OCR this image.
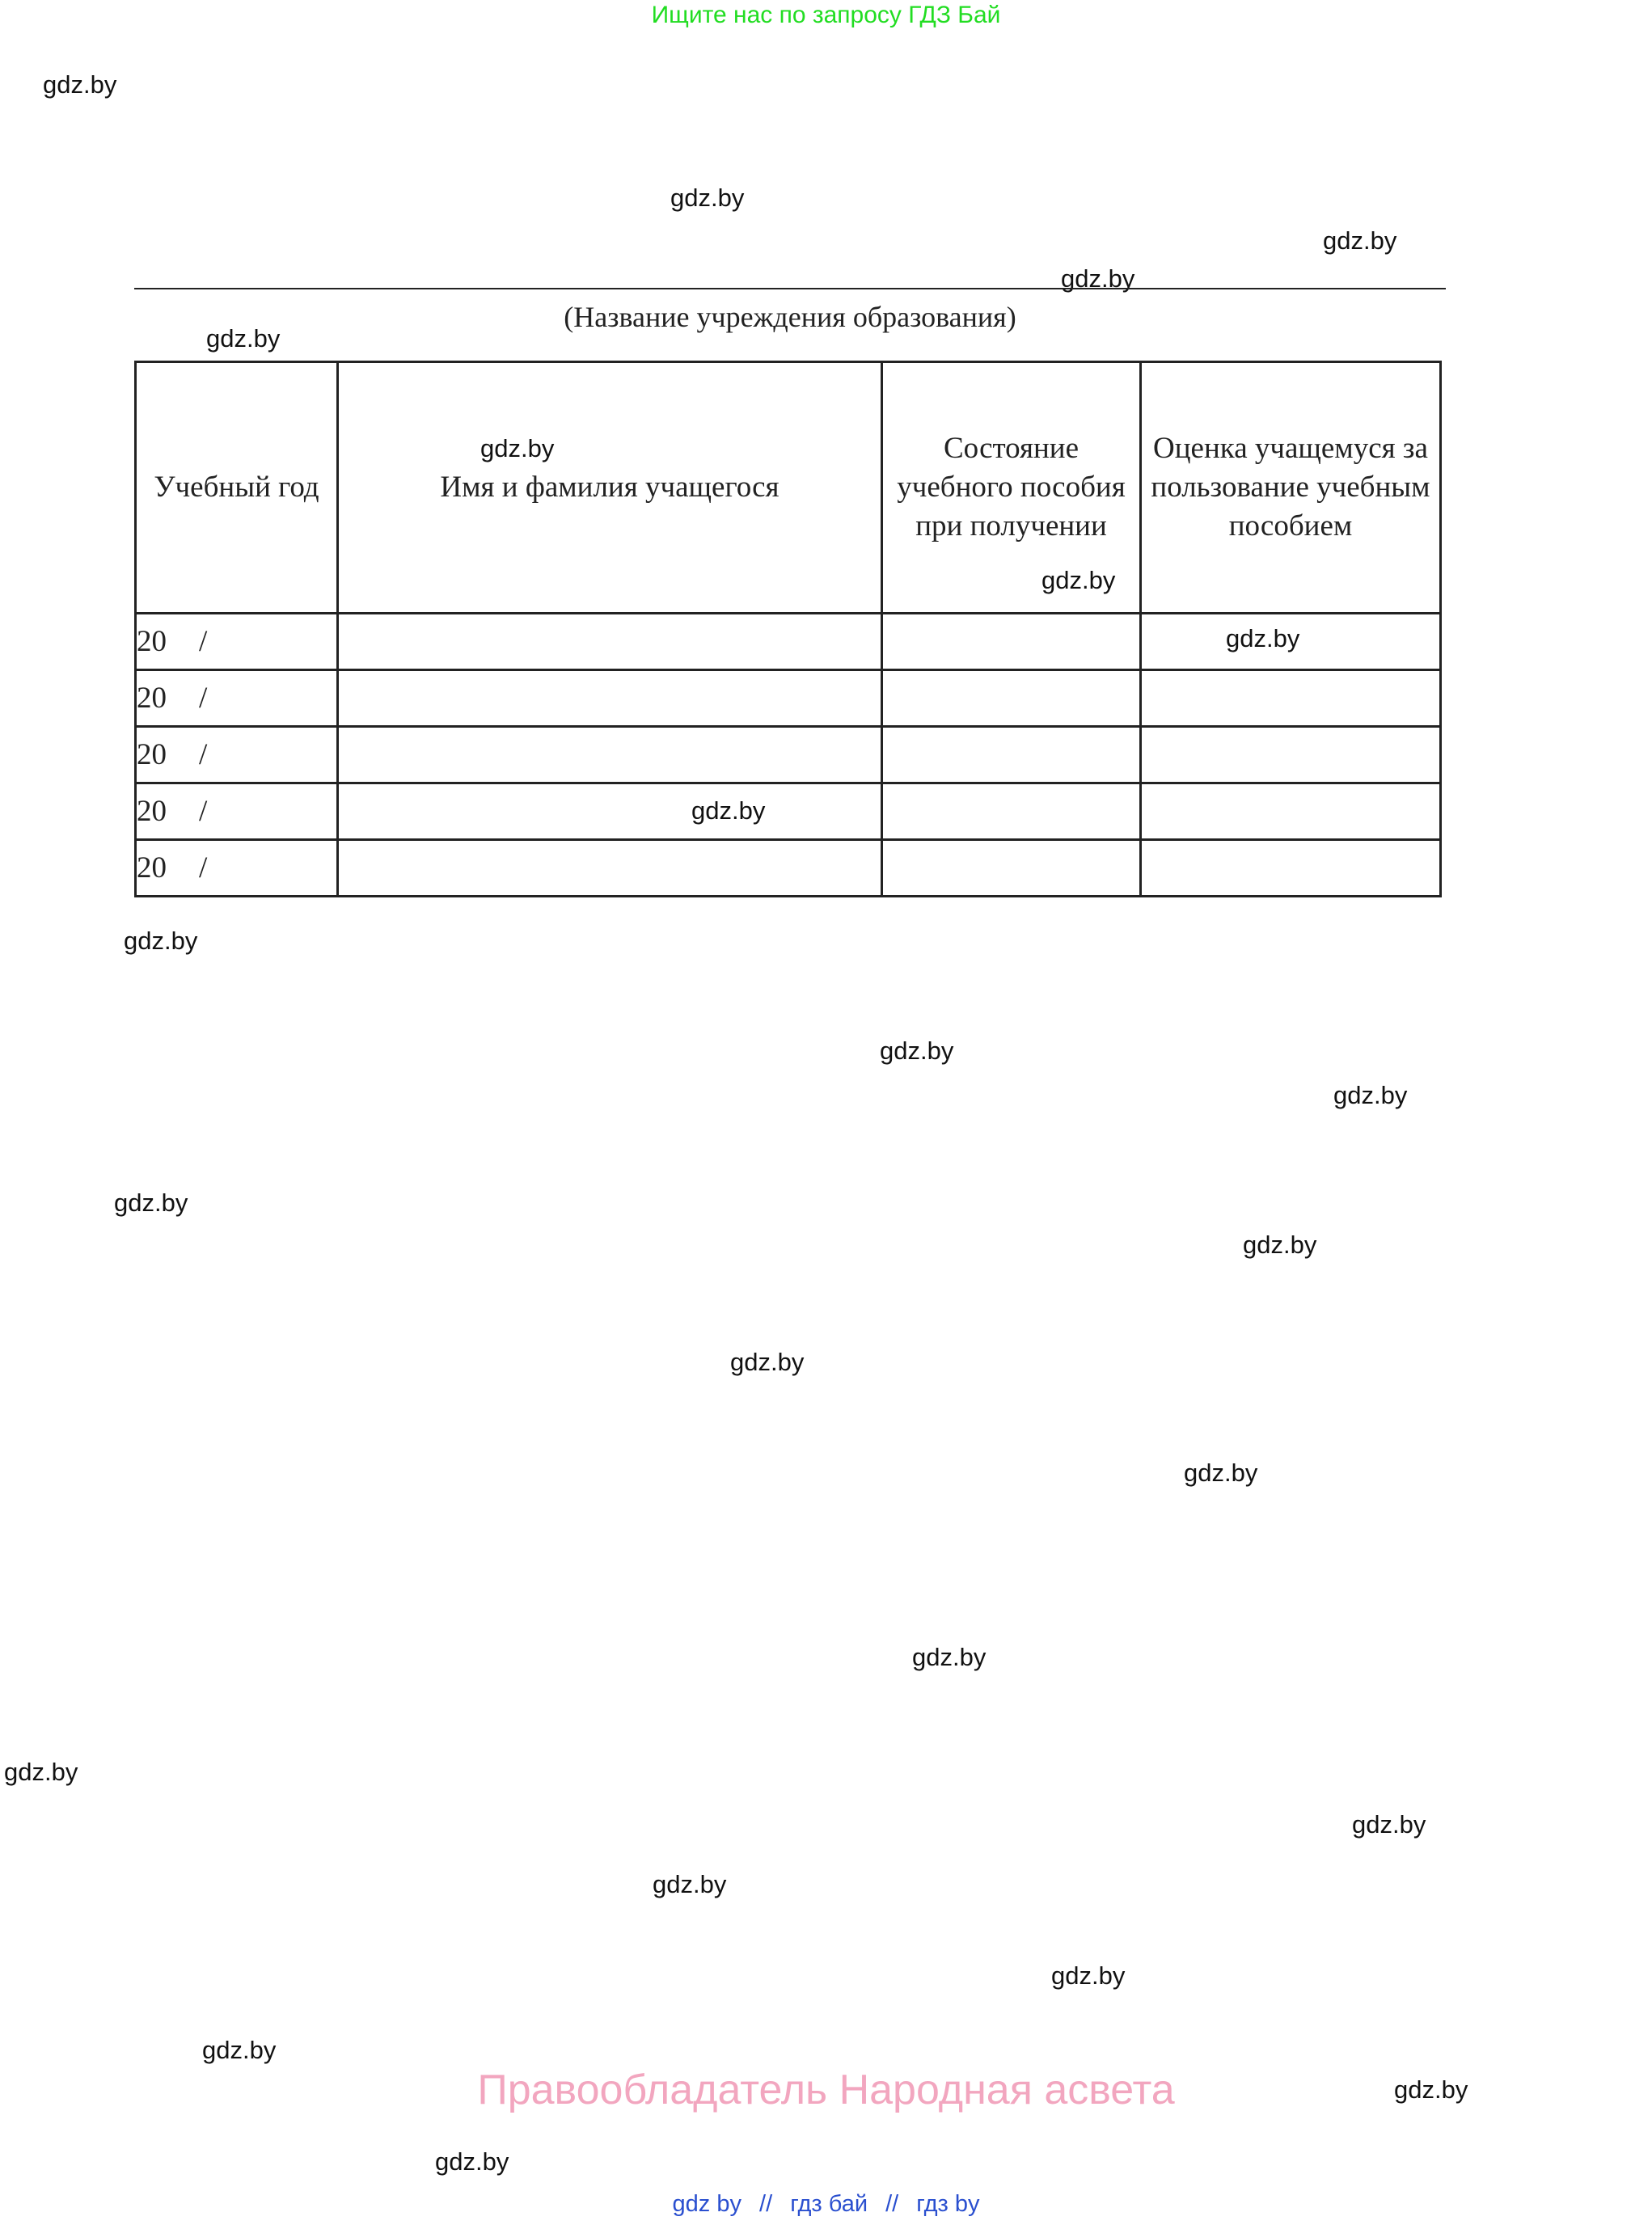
Ищите нас по запросу ГДЗ Бай
gdz.by
gdz.by
gdz.by
gdz.by
gdz.by
gdz.by
gdz.by
gdz.by
gdz.by
gdz.by
gdz.by
gdz.by
gdz.by
gdz.by
gdz.by
gdz.by
gdz.by
gdz.by
gdz.by
gdz.by
gdz.by
gdz.by
gdz.by
gdz.by
(Название учреждения образования)
Учебный год	Имя и фамилия учащегося	Состояние учебного пособия при получении	Оценка учащемуся за пользование учебным пособием
20 /			
20 /			
20 /			
20 /			
20 /			
Правообладатель Народная асвета
gdz by // гдз бай // гдз by
